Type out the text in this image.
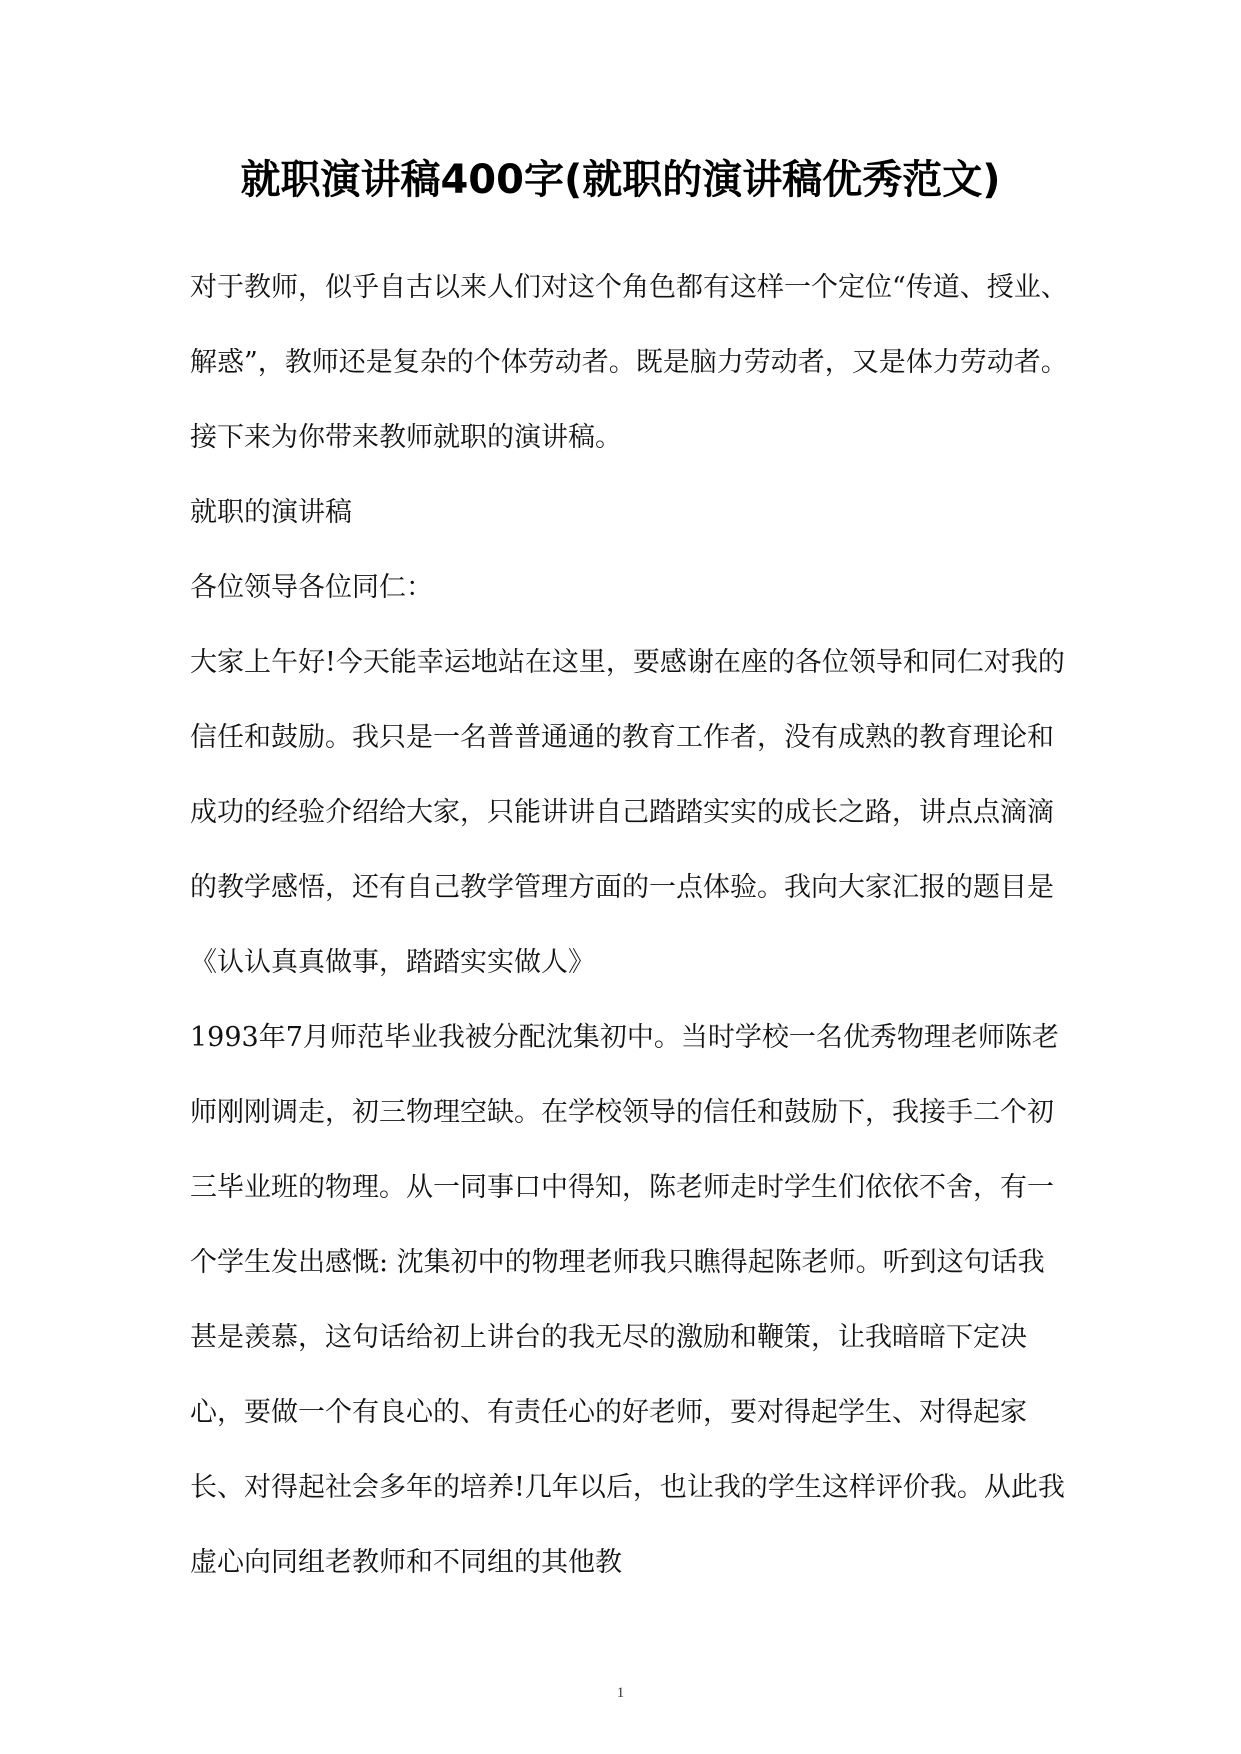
就职演讲稿400字(就职的演讲稿优秀范文)

对于教师，似乎自古以来人们对这个角色都有这样一个定位“传道、授业、解惑”，教师还是复杂的个体劳动者。既是脑力劳动者，又是体力劳动者。接下来为你带来教师就职的演讲稿。

就职的演讲稿

各位领导各位同仁：

大家上午好!今天能幸运地站在这里，要感谢在座的各位领导和同仁对我的信任和鼓励。我只是一名普普通通的教育工作者，没有成熟的教育理论和成功的经验介绍给大家，只能讲讲自己踏踏实实的成长之路，讲点点滴滴的教学感悟，还有自己教学管理方面的一点体验。我向大家汇报的题目是《认认真真做事，踏踏实实做人》

1993年7月师范毕业我被分配沈集初中。当时学校一名优秀物理老师陈老师刚刚调走，初三物理空缺。在学校领导的信任和鼓励下，我接手二个初三毕业班的物理。从一同事口中得知，陈老师走时学生们依依不舍，有一个学生发出感慨: 沈集初中的物理老师我只瞧得起陈老师。听到这句话我甚是羡慕，这句话给初上讲台的我无尽的激励和鞭策，让我暗暗下定决心，要做一个有良心的、有责任心的好老师，要对得起学生、对得起家长、对得起社会多年的培养!几年以后，也让我的学生这样评价我。从此我虚心向同组老教师和不同组的其他教

1
